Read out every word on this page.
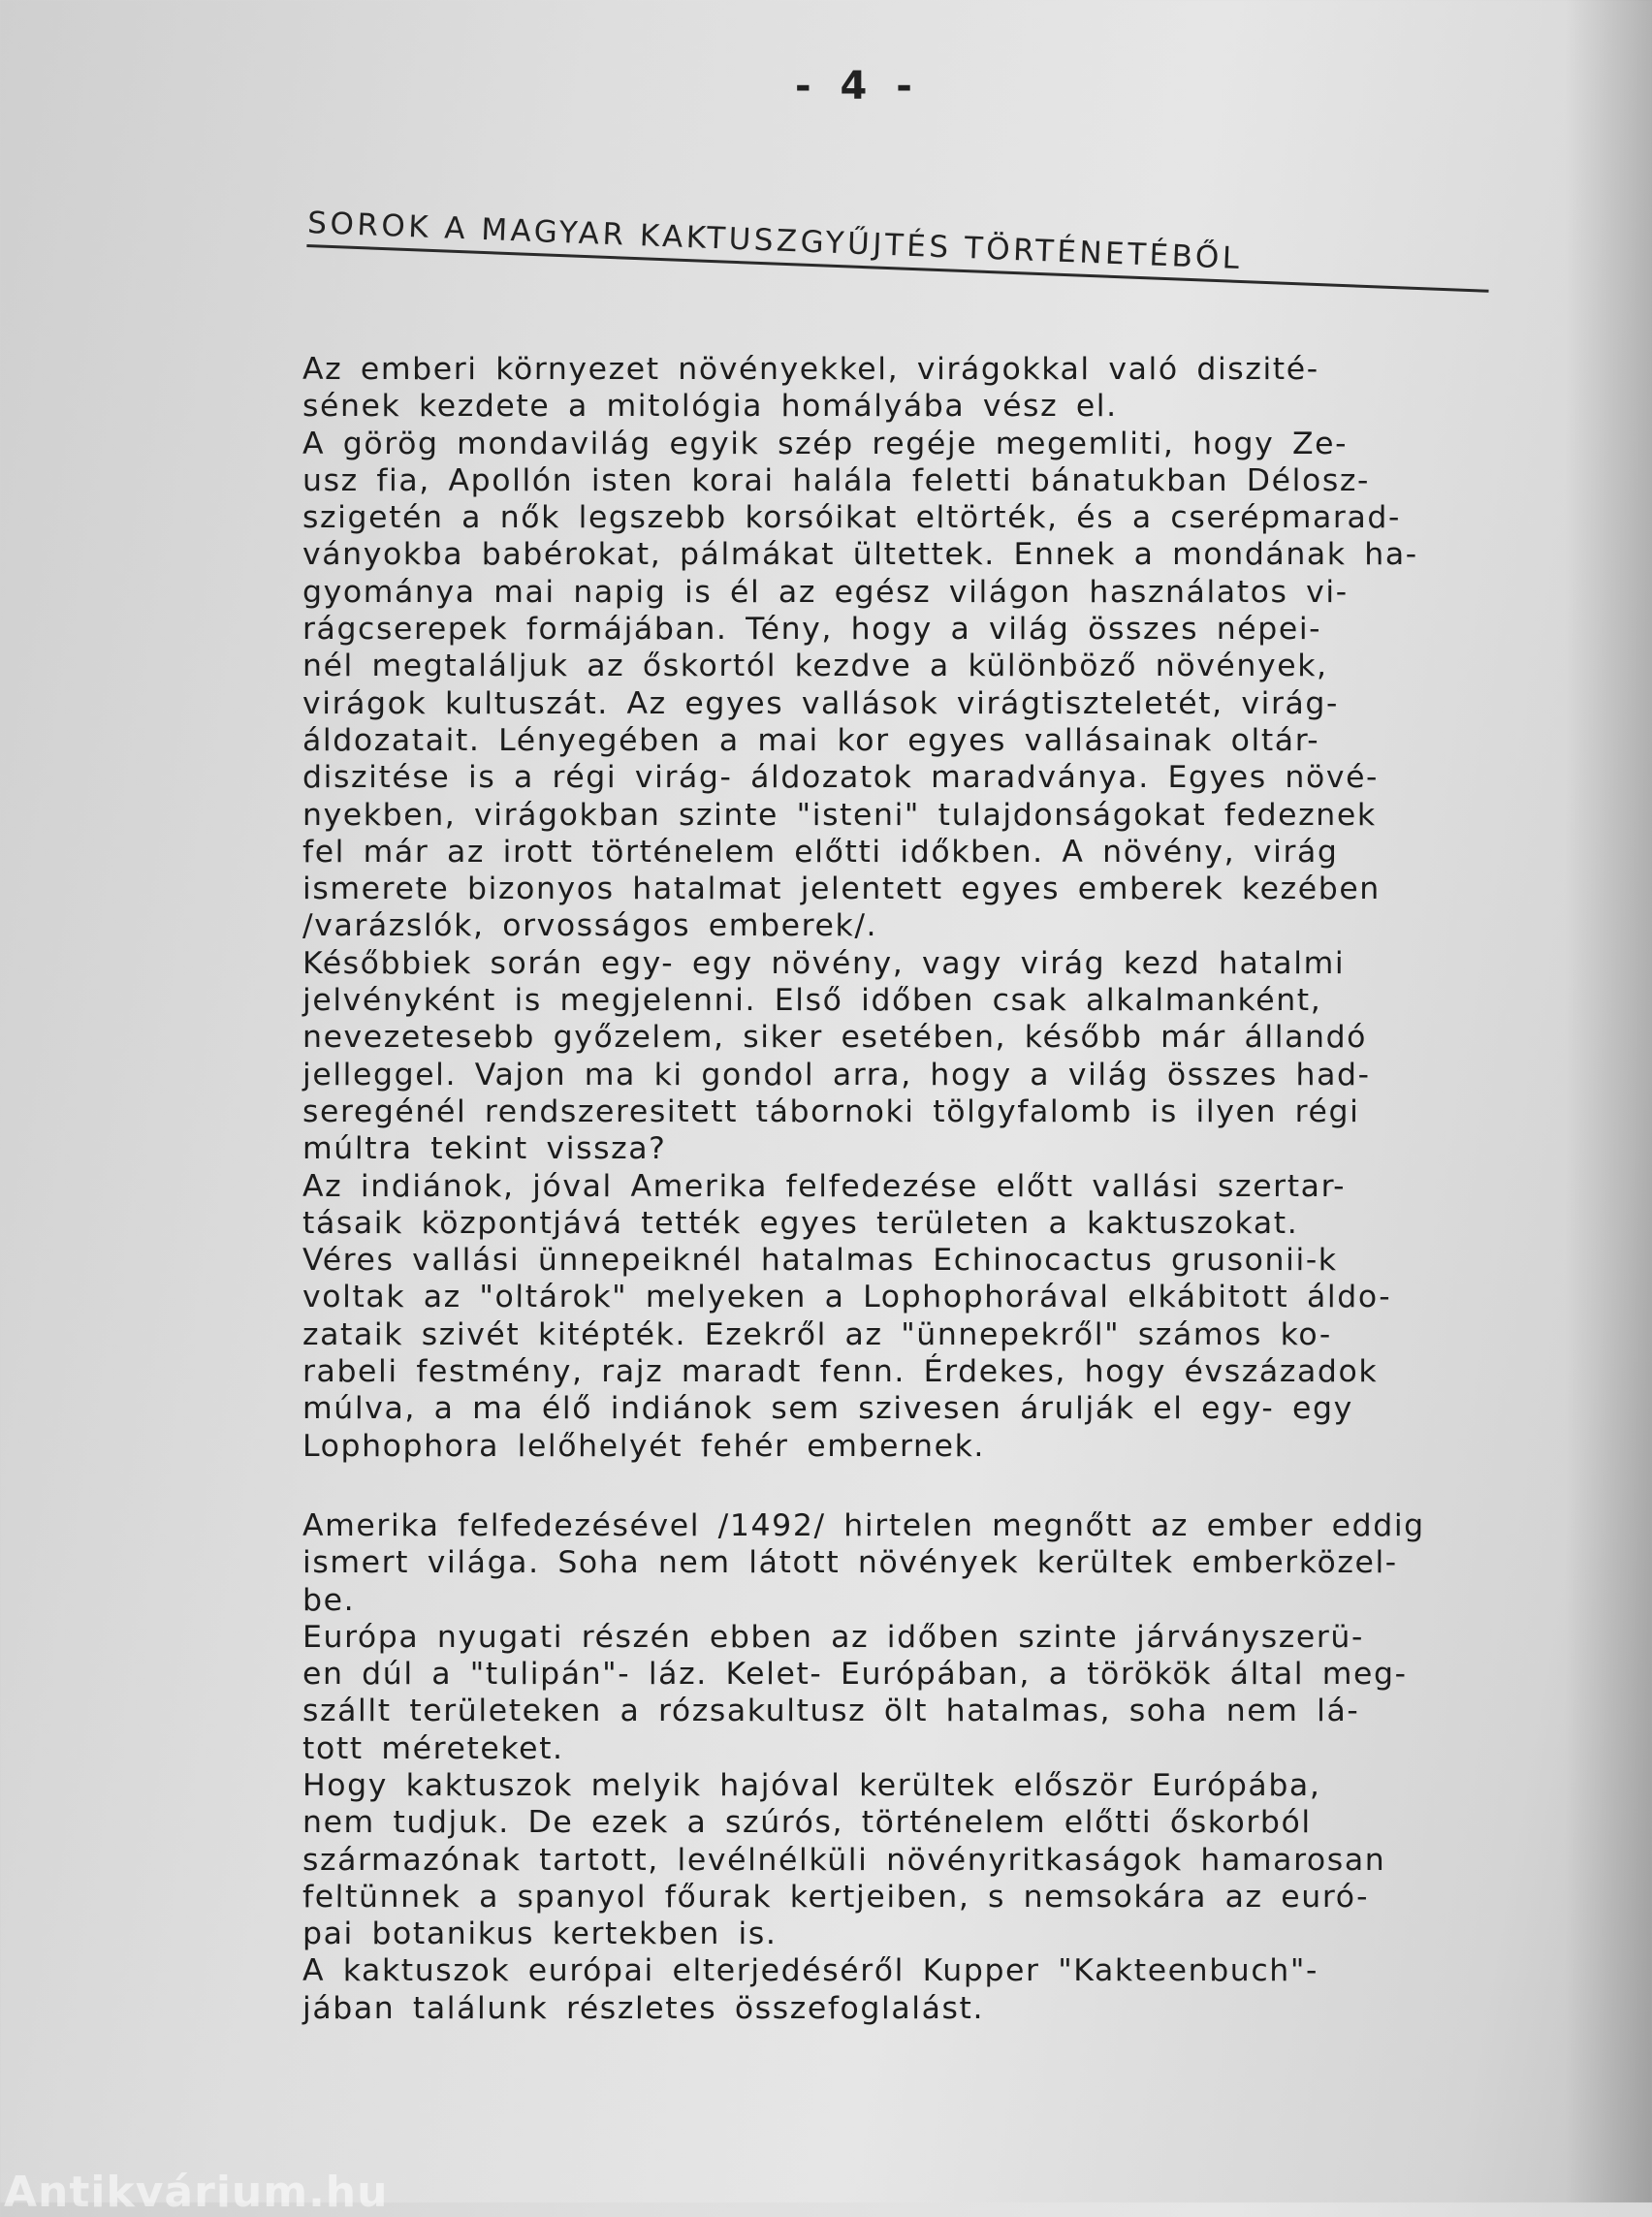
- 4 -
SOROK A MAGYAR KAKTUSZGYŰJTÉS TÖRTÉNETÉBŐL
Az emberi környezet növényekkel, virágokkal való diszité-
sének kezdete a mitológia homályába vész el.
A görög mondavilág egyik szép regéje megemliti, hogy Ze-
usz fia, Apollón isten korai halála feletti bánatukban Délosz-
szigetén a nők legszebb korsóikat eltörték, és a cserépmarad-
ványokba babérokat, pálmákat ültettek. Ennek a mondának ha-
gyománya mai napig is él az egész világon használatos vi-
rágcserepek formájában. Tény, hogy a világ összes népei-
nél megtaláljuk az őskortól kezdve a különböző növények,
virágok kultuszát. Az egyes vallások virágtiszteletét, virág-
áldozatait. Lényegében a mai kor egyes vallásainak oltár-
diszitése is a régi virág- áldozatok maradványa. Egyes növé-
nyekben, virágokban szinte "isteni" tulajdonságokat fedeznek
fel már az irott történelem előtti időkben. A növény, virág
ismerete bizonyos hatalmat jelentett egyes emberek kezében
/varázslók, orvosságos emberek/.
Későbbiek során egy- egy növény, vagy virág kezd hatalmi
jelvényként is megjelenni. Első időben csak alkalmanként,
nevezetesebb győzelem, siker esetében, később már állandó
jelleggel. Vajon ma ki gondol arra, hogy a világ összes had-
seregénél rendszeresitett tábornoki tölgyfalomb is ilyen régi
múltra tekint vissza?
Az indiánok, jóval Amerika felfedezése előtt vallási szertar-
tásaik központjává tették egyes területen a kaktuszokat.
Véres vallási ünnepeiknél hatalmas Echinocactus grusonii-k
voltak az "oltárok" melyeken a Lophophorával elkábitott áldo-
zataik szivét kitépték. Ezekről az "ünnepekről" számos ko-
rabeli festmény, rajz maradt fenn. Érdekes, hogy évszázadok
múlva, a ma élő indiánok sem szivesen árulják el egy- egy
Lophophora lelőhelyét fehér embernek.
Amerika felfedezésével /1492/ hirtelen megnőtt az ember eddig
ismert világa. Soha nem látott növények kerültek emberközel-
be.
Európa nyugati részén ebben az időben szinte járványszerü-
en dúl a "tulipán"- láz. Kelet- Európában, a törökök által meg-
szállt területeken a rózsakultusz ölt hatalmas, soha nem lá-
tott méreteket.
Hogy kaktuszok melyik hajóval kerültek először Európába,
nem tudjuk. De ezek a szúrós, történelem előtti őskorból
származónak tartott, levélnélküli növényritkaságok hamarosan
feltünnek a spanyol főurak kertjeiben, s nemsokára az euró-
pai botanikus kertekben is.
A kaktuszok európai elterjedéséről Kupper "Kakteenbuch"-
jában találunk részletes összefoglalást.
Antikvárium.hu
